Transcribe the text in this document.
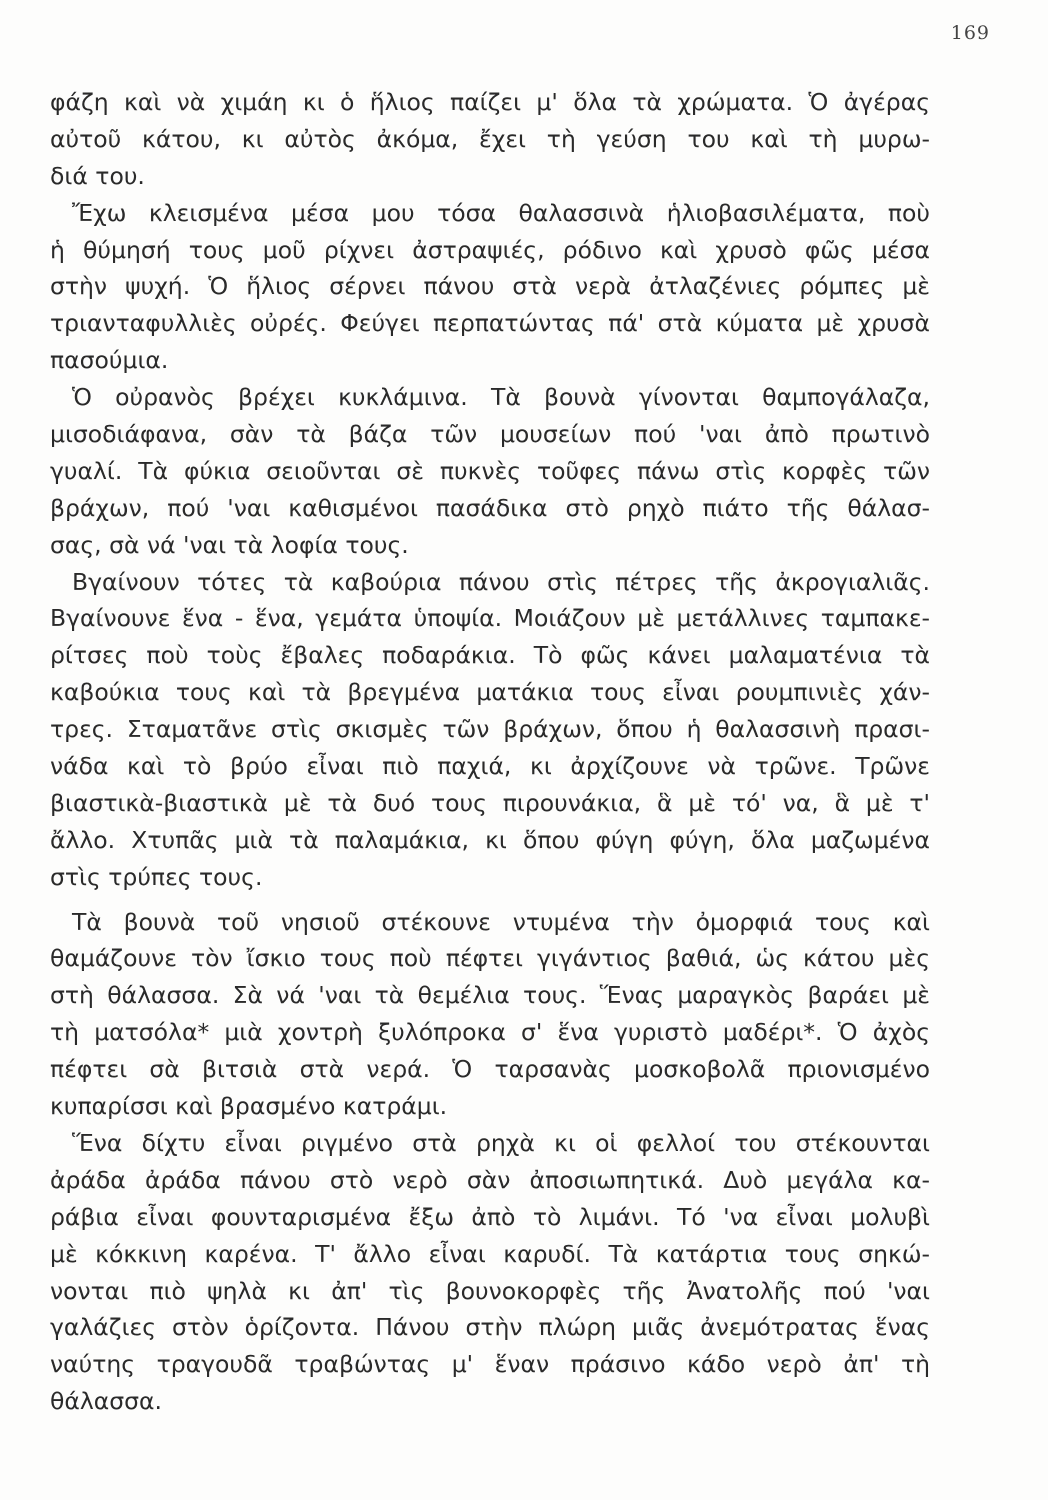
169
φάζη καὶ νὰ χιμάη κι ὁ ἥλιος παίζει μ' ὅλα τὰ χρώματα. Ὁ ἀγέρας
αὐτοῦ κάτου, κι αὐτὸς ἀκόμα, ἔχει τὴ γεύση του καὶ τὴ μυρω-
διά του.
Ἔχω κλεισμένα μέσα μου τόσα θαλασσινὰ ἡλιοβασιλέματα, ποὺ
ἡ θύμησή τους μοῦ ρίχνει ἀστραψιές, ρόδινο καὶ χρυσὸ φῶς μέσα
στὴν ψυχή. Ὁ ἥλιος σέρνει πάνου στὰ νερὰ ἀτλαζένιες ρόμπες μὲ
τριανταφυλλιὲς οὐρές. Φεύγει περπατώντας πά' στὰ κύματα μὲ χρυσὰ
πασούμια.
Ὁ οὐρανὸς βρέχει κυκλάμινα. Τὰ βουνὰ γίνονται θαμπογάλαζα,
μισοδιάφανα, σὰν τὰ βάζα τῶν μουσείων πού 'ναι ἀπὸ πρωτινὸ
γυαλί. Τὰ φύκια σειοῦνται σὲ πυκνὲς τοῦφες πάνω στὶς κορφὲς τῶν
βράχων, πού 'ναι καθισμένοι πασάδικα στὸ ρηχὸ πιάτο τῆς θάλασ-
σας, σὰ νά 'ναι τὰ λοφία τους.
Βγαίνουν τότες τὰ καβούρια πάνου στὶς πέτρες τῆς ἀκρογιαλιᾶς.
Βγαίνουνε ἕνα - ἕνα, γεμάτα ὑποψία. Μοιάζουν μὲ μετάλλινες ταμπακε-
ρίτσες ποὺ τοὺς ἔβαλες ποδαράκια. Τὸ φῶς κάνει μαλαματένια τὰ
καβούκια τους καὶ τὰ βρεγμένα ματάκια τους εἶναι ρουμπινιὲς χάν-
τρες. Σταματᾶνε στὶς σκισμὲς τῶν βράχων, ὅπου ἡ θαλασσινὴ πρασι-
νάδα καὶ τὸ βρύο εἶναι πιὸ παχιά, κι ἀρχίζουνε νὰ τρῶνε. Τρῶνε
βιαστικὰ-βιαστικὰ μὲ τὰ δυό τους πιρουνάκια, ἃ μὲ τό' να, ἃ μὲ τ'
ἄλλο. Χτυπᾶς μιὰ τὰ παλαμάκια, κι ὅπου φύγη φύγη, ὅλα μαζωμένα
στὶς τρύπες τους.
Τὰ βουνὰ τοῦ νησιοῦ στέκουνε ντυμένα τὴν ὀμορφιά τους καὶ
θαμάζουνε τὸν ἴσκιο τους ποὺ πέφτει γιγάντιος βαθιά, ὡς κάτου μὲς
στὴ θάλασσα. Σὰ νά 'ναι τὰ θεμέλια τους. Ἕνας μαραγκὸς βαράει μὲ
τὴ ματσόλα* μιὰ χοντρὴ ξυλόπροκα σ' ἕνα γυριστὸ μαδέρι*. Ὁ ἀχὸς
πέφτει σὰ βιτσιὰ στὰ νερά. Ὁ ταρσανὰς μοσκοβολᾶ πριονισμένο
κυπαρίσσι καὶ βρασμένο κατράμι.
Ἕνα δίχτυ εἶναι ριγμένο στὰ ρηχὰ κι οἱ φελλοί του στέκουνται
ἀράδα ἀράδα πάνου στὸ νερὸ σὰν ἀποσιωπητικά. Δυὸ μεγάλα κα-
ράβια εἶναι φουνταρισμένα ἔξω ἀπὸ τὸ λιμάνι. Τό 'να εἶναι μολυβὶ
μὲ κόκκινη καρένα. Τ' ἄλλο εἶναι καρυδί. Τὰ κατάρτια τους σηκώ-
νονται πιὸ ψηλὰ κι ἀπ' τὶς βουνοκορφὲς τῆς Ἀνατολῆς πού 'ναι
γαλάζιες στὸν ὁρίζοντα. Πάνου στὴν πλώρη μιᾶς ἀνεμότρατας ἕνας
ναύτης τραγουδᾶ τραβώντας μ' ἕναν πράσινο κάδο νερὸ ἀπ' τὴ
θάλασσα.
